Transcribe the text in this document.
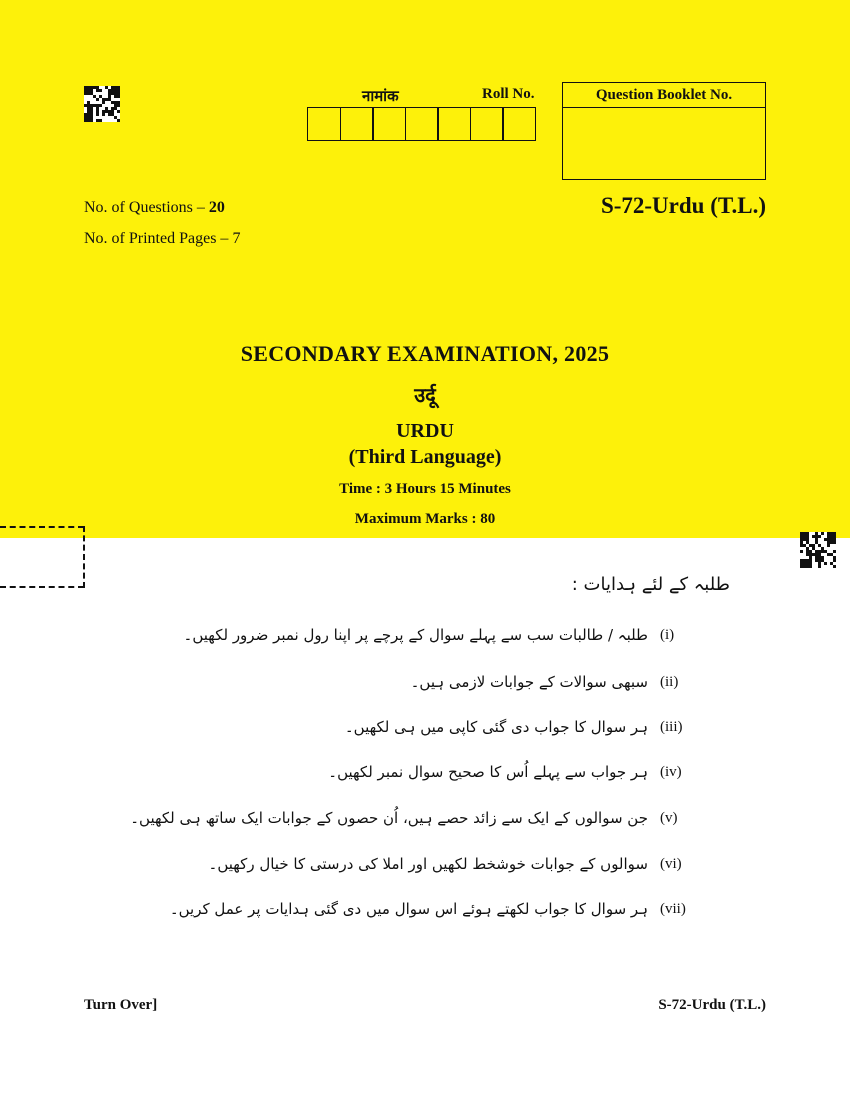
नामांक	Roll No.	Question Booklet No.
No. of Questions – 20
No. of Printed Pages – 7
S-72-Urdu (T.L.)
SECONDARY EXAMINATION, 2025
उर्दू
URDU
(Third Language)
Time : 3 Hours 15 Minutes
Maximum Marks : 80
طلبہ کے لئے ہدایات :
(i)
طلبہ / طالبات سب سے پہلے سوال کے پرچے پر اپنا رول نمبر ضرور لکھیں۔
(ii)
سبھی سوالات کے جوابات لازمی ہیں۔
(iii)
ہر سوال کا جواب دی گئی کاپی میں ہی لکھیں۔
(iv)
ہر جواب سے پہلے اُس کا صحیح سوال نمبر لکھیں۔
(v)
جن سوالوں کے ایک سے زائد حصے ہیں، اُن حصوں کے جوابات ایک ساتھ ہی لکھیں۔
(vi)
سوالوں کے جوابات خوشخط لکھیں اور املا کی درستی کا خیال رکھیں۔
(vii)
ہر سوال کا جواب لکھتے ہوئے اس سوال میں دی گئی ہدایات پر عمل کریں۔
Turn Over]	S-72-Urdu (T.L.)
